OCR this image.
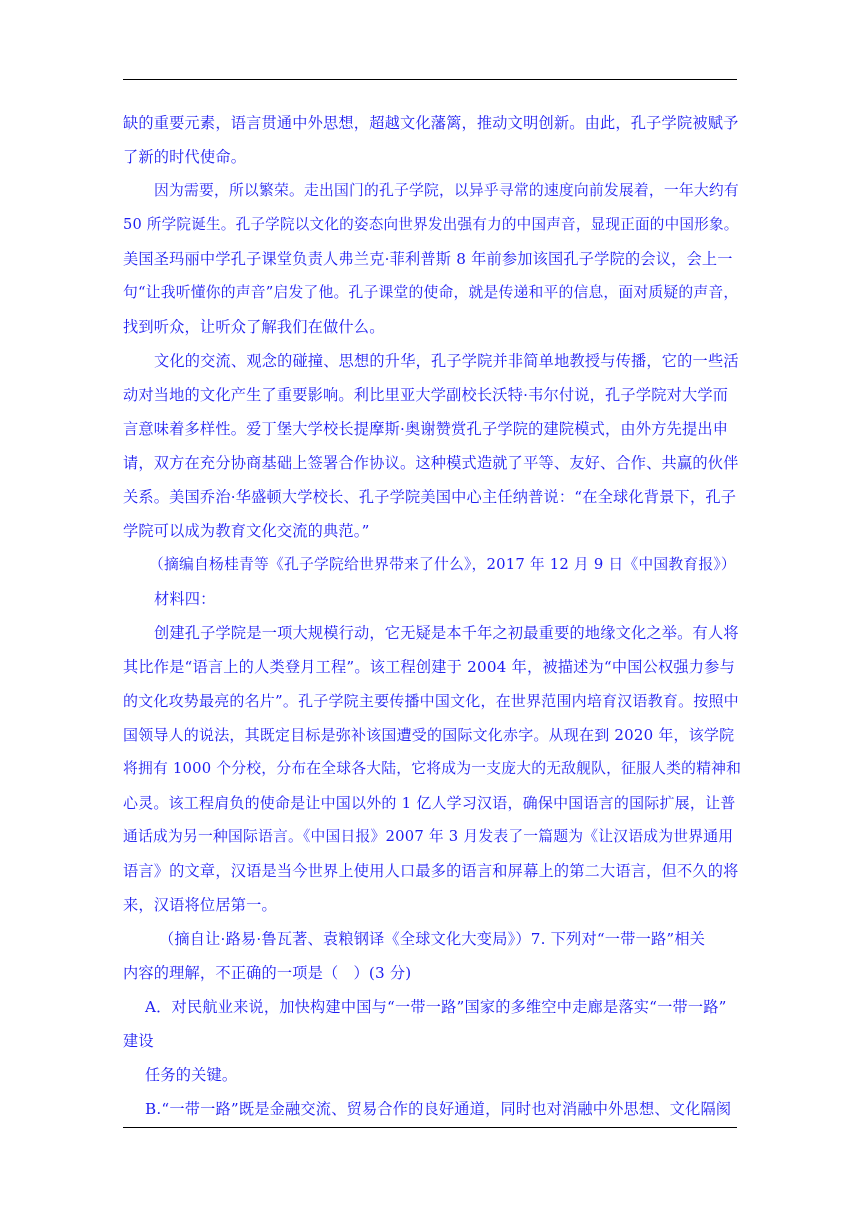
缺的重要元素，语言贯通中外思想，超越文化藩篱，推动文明创新。由此，孔子学院被赋予
了新的时代使命。
因为需要，所以繁荣。走出国门的孔子学院，以异乎寻常的速度向前发展着，一年大约有
50 所学院诞生。孔子学院以文化的姿态向世界发出强有力的中国声音，显现正面的中国形象。
美国圣玛丽中学孔子课堂负责人弗兰克·菲利普斯 8 年前参加该国孔子学院的会议，会上一
句“让我听懂你的声音”启发了他。孔子课堂的使命，就是传递和平的信息，面对质疑的声音，
找到听众，让听众了解我们在做什么。
文化的交流、观念的碰撞、思想的升华，孔子学院并非简单地教授与传播，它的一些活
动对当地的文化产生了重要影响。利比里亚大学副校长沃特·韦尔付说，孔子学院对大学而
言意味着多样性。爱丁堡大学校长提摩斯·奥谢赞赏孔子学院的建院模式，由外方先提出申
请，双方在充分协商基础上签署合作协议。这种模式造就了平等、友好、合作、共赢的伙伴
关系。美国乔治·华盛顿大学校长、孔子学院美国中心主任纳普说：“在全球化背景下，孔子
学院可以成为教育文化交流的典范。”
（摘编自杨桂青等《孔子学院给世界带来了什么》，2017 年 12 月 9 日《中国教育报》）
材料四：
创建孔子学院是一项大规模行动，它无疑是本千年之初最重要的地缘文化之举。有人将
其比作是“语言上的人类登月工程”。该工程创建于 2004 年，被描述为“中国公权强力参与
的文化攻势最亮的名片”。孔子学院主要传播中国文化，在世界范围内培育汉语教育。按照中
国领导人的说法，其既定目标是弥补该国遭受的国际文化赤字。从现在到 2020 年，该学院
将拥有 1000 个分校，分布在全球各大陆，它将成为一支庞大的无敌舰队，征服人类的精神和
心灵。该工程肩负的使命是让中国以外的 1 亿人学习汉语，确保中国语言的国际扩展，让普
通话成为另一种国际语言。《中国日报》2007 年 3 月发表了一篇题为《让汉语成为世界通用
语言》的文章，汉语是当今世界上使用人口最多的语言和屏幕上的第二大语言，但不久的将
来，汉语将位居第一。
（摘自让·路易·鲁瓦著、袁粮钢译《全球文化大变局》）7. 下列对“一带一路”相关
内容的理解，不正确的一项是（   ）(3 分)
A．对民航业来说，加快构建中国与“一带一路”国家的多维空中走廊是落实“一带一路”
建设
任务的关键。
B.“一带一路”既是金融交流、贸易合作的良好通道，同时也对消融中外思想、文化隔阂
